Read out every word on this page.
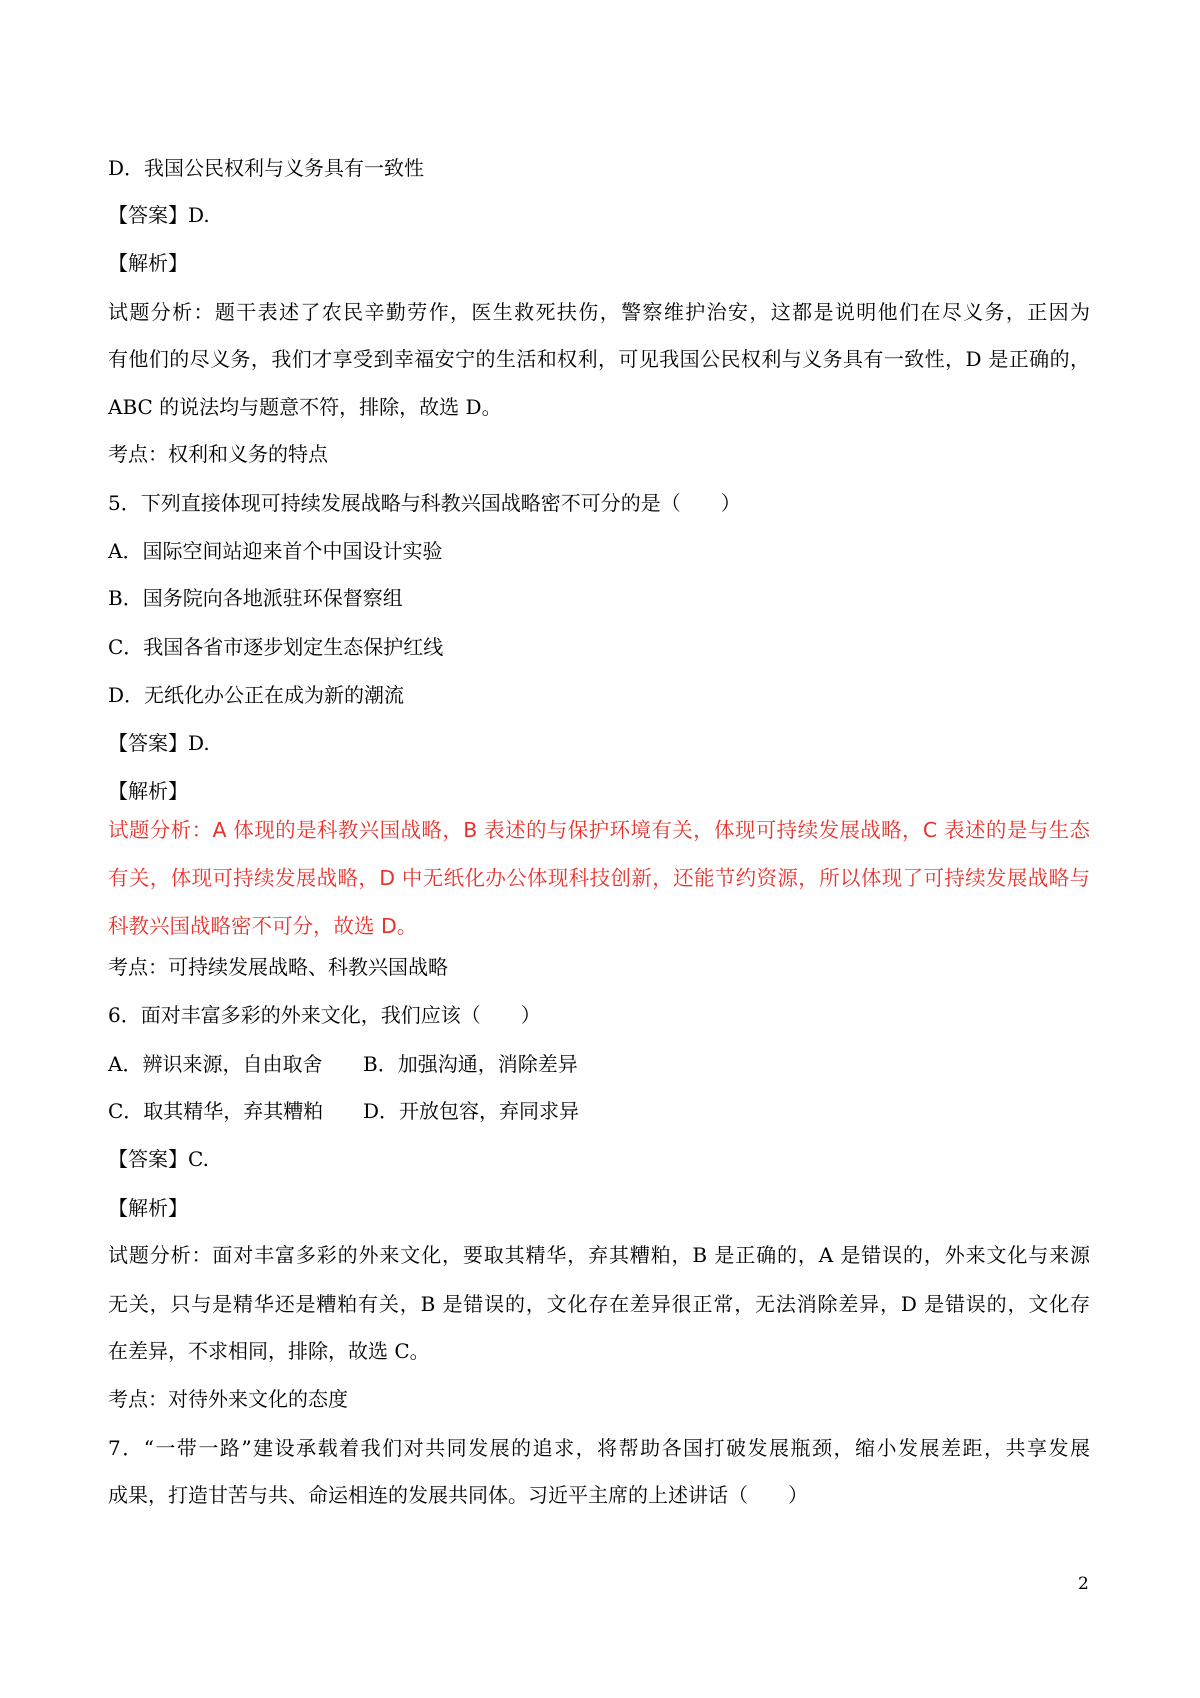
D．我国公民权利与义务具有一致性
【答案】D.
【解析】
试题分析：题干表述了农民辛勤劳作，医生救死扶伤，警察维护治安，这都是说明他们在尽义务，正因为
有他们的尽义务，我们才享受到幸福安宁的生活和权利，可见我国公民权利与义务具有一致性，D 是正确的，
ABC 的说法均与题意不符，排除，故选 D。
考点：权利和义务的特点
5．下列直接体现可持续发展战略与科教兴国战略密不可分的是（　　）
A．国际空间站迎来首个中国设计实验
B．国务院向各地派驻环保督察组
C．我国各省市逐步划定生态保护红线
D．无纸化办公正在成为新的潮流
【答案】D.
【解析】
试题分析：A 体现的是科教兴国战略，B 表述的与保护环境有关，体现可持续发展战略，C 表述的是与生态
有关，体现可持续发展战略，D 中无纸化办公体现科技创新，还能节约资源，所以体现了可持续发展战略与
科教兴国战略密不可分，故选 D。
考点：可持续发展战略、科教兴国战略
6．面对丰富多彩的外来文化，我们应该（　　）
A．辨识来源，自由取舍 B．加强沟通，消除差异
C．取其精华，弃其糟粕 D．开放包容，弃同求异
【答案】C.
【解析】
试题分析：面对丰富多彩的外来文化，要取其精华，弃其糟粕，B 是正确的，A 是错误的，外来文化与来源
无关，只与是精华还是糟粕有关，B 是错误的，文化存在差异很正常，无法消除差异，D 是错误的，文化存
在差异，不求相同，排除，故选 C。
考点：对待外来文化的态度
7．“一带一路”建设承载着我们对共同发展的追求，将帮助各国打破发展瓶颈，缩小发展差距，共享发展
成果，打造甘苦与共、命运相连的发展共同体。习近平主席的上述讲话（　　）
2
